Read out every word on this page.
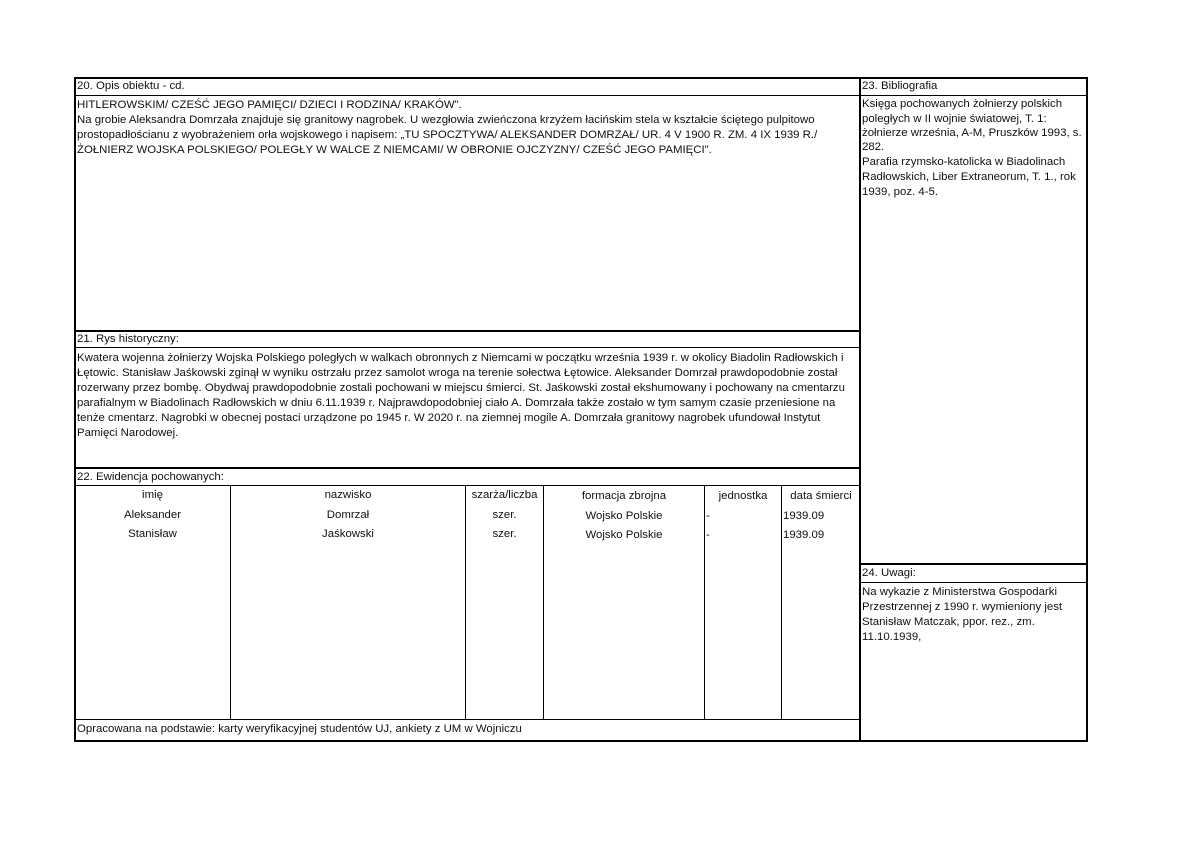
20. Opis obiektu - cd.
HITLEROWSKIM/ CZEŚĆ JEGO PAMIĘCI/ DZIECI I RODZINA/ KRAKÓW".
Na grobie Aleksandra Domrzała znajduje się granitowy nagrobek. U wezgłowia zwieńczona krzyżem łacińskim stela w kształcie ściętego pulpitowo
prostopadłościanu z wyobrażeniem orła wojskowego i napisem: „TU SPOCZTYWA/ ALEKSANDER DOMRZAŁ/ UR. 4 V 1900 R. ZM. 4 IX 1939 R./
ŻOŁNIERZ WOJSKA POLSKIEGO/ POLEGŁY W WALCE Z NIEMCAMI/ W OBRONIE OJCZYZNY/ CZEŚĆ JEGO PAMIĘCI".
21. Rys historyczny:
Kwatera wojenna żołnierzy Wojska Polskiego poległych w walkach obronnych z Niemcami w początku września 1939 r. w okolicy Biadolin Radłowskich i
Łętowic. Stanisław Jaśkowski zginął w wyniku ostrzału przez samolot wroga na terenie sołectwa Łętowice. Aleksander Domrzał prawdopodobnie został
rozerwany przez bombę. Obydwaj prawdopodobnie zostali pochowani w miejscu śmierci. St. Jaśkowski został ekshumowany i pochowany na cmentarzu
parafialnym w Biadolinach Radłowskich w dniu 6.11.1939 r. Najprawdopodobniej ciało A. Domrzała także zostało w tym samym czasie przeniesione na
tenże cmentarz. Nagrobki w obecnej postaci urządzone po 1945 r. W 2020 r. na ziemnej mogile A. Domrzała granitowy nagrobek ufundował Instytut
Pamięci Narodowej.
22. Ewidencja pochowanych:
imię	nazwisko	szarża/liczba	formacja zbrojna	jednostka	data śmierci
Aleksander	Domrzał	szer.	Wojsko Polskie	-	1939.09
Stanisław	Jaśkowski	szer.	Wojsko Polskie	-	1939.09
Opracowana na podstawie: karty weryfikacyjnej studentów UJ, ankiety z UM w Wojniczu
23. Bibliografia
Księga pochowanych żołnierzy polskich
poległych w II wojnie światowej, T. 1:
żołnierze września, A-M, Pruszków 1993, s.
282.
Parafia rzymsko-katolicka w Biadolinach
Radłowskich, Liber Extraneorum, T. 1., rok
1939, poz. 4-5.
24. Uwagi:
Na wykazie z Ministerstwa Gospodarki
Przestrzennej z 1990 r. wymieniony jest
Stanisław Matczak, ppor. rez., zm.
11.10.1939,
